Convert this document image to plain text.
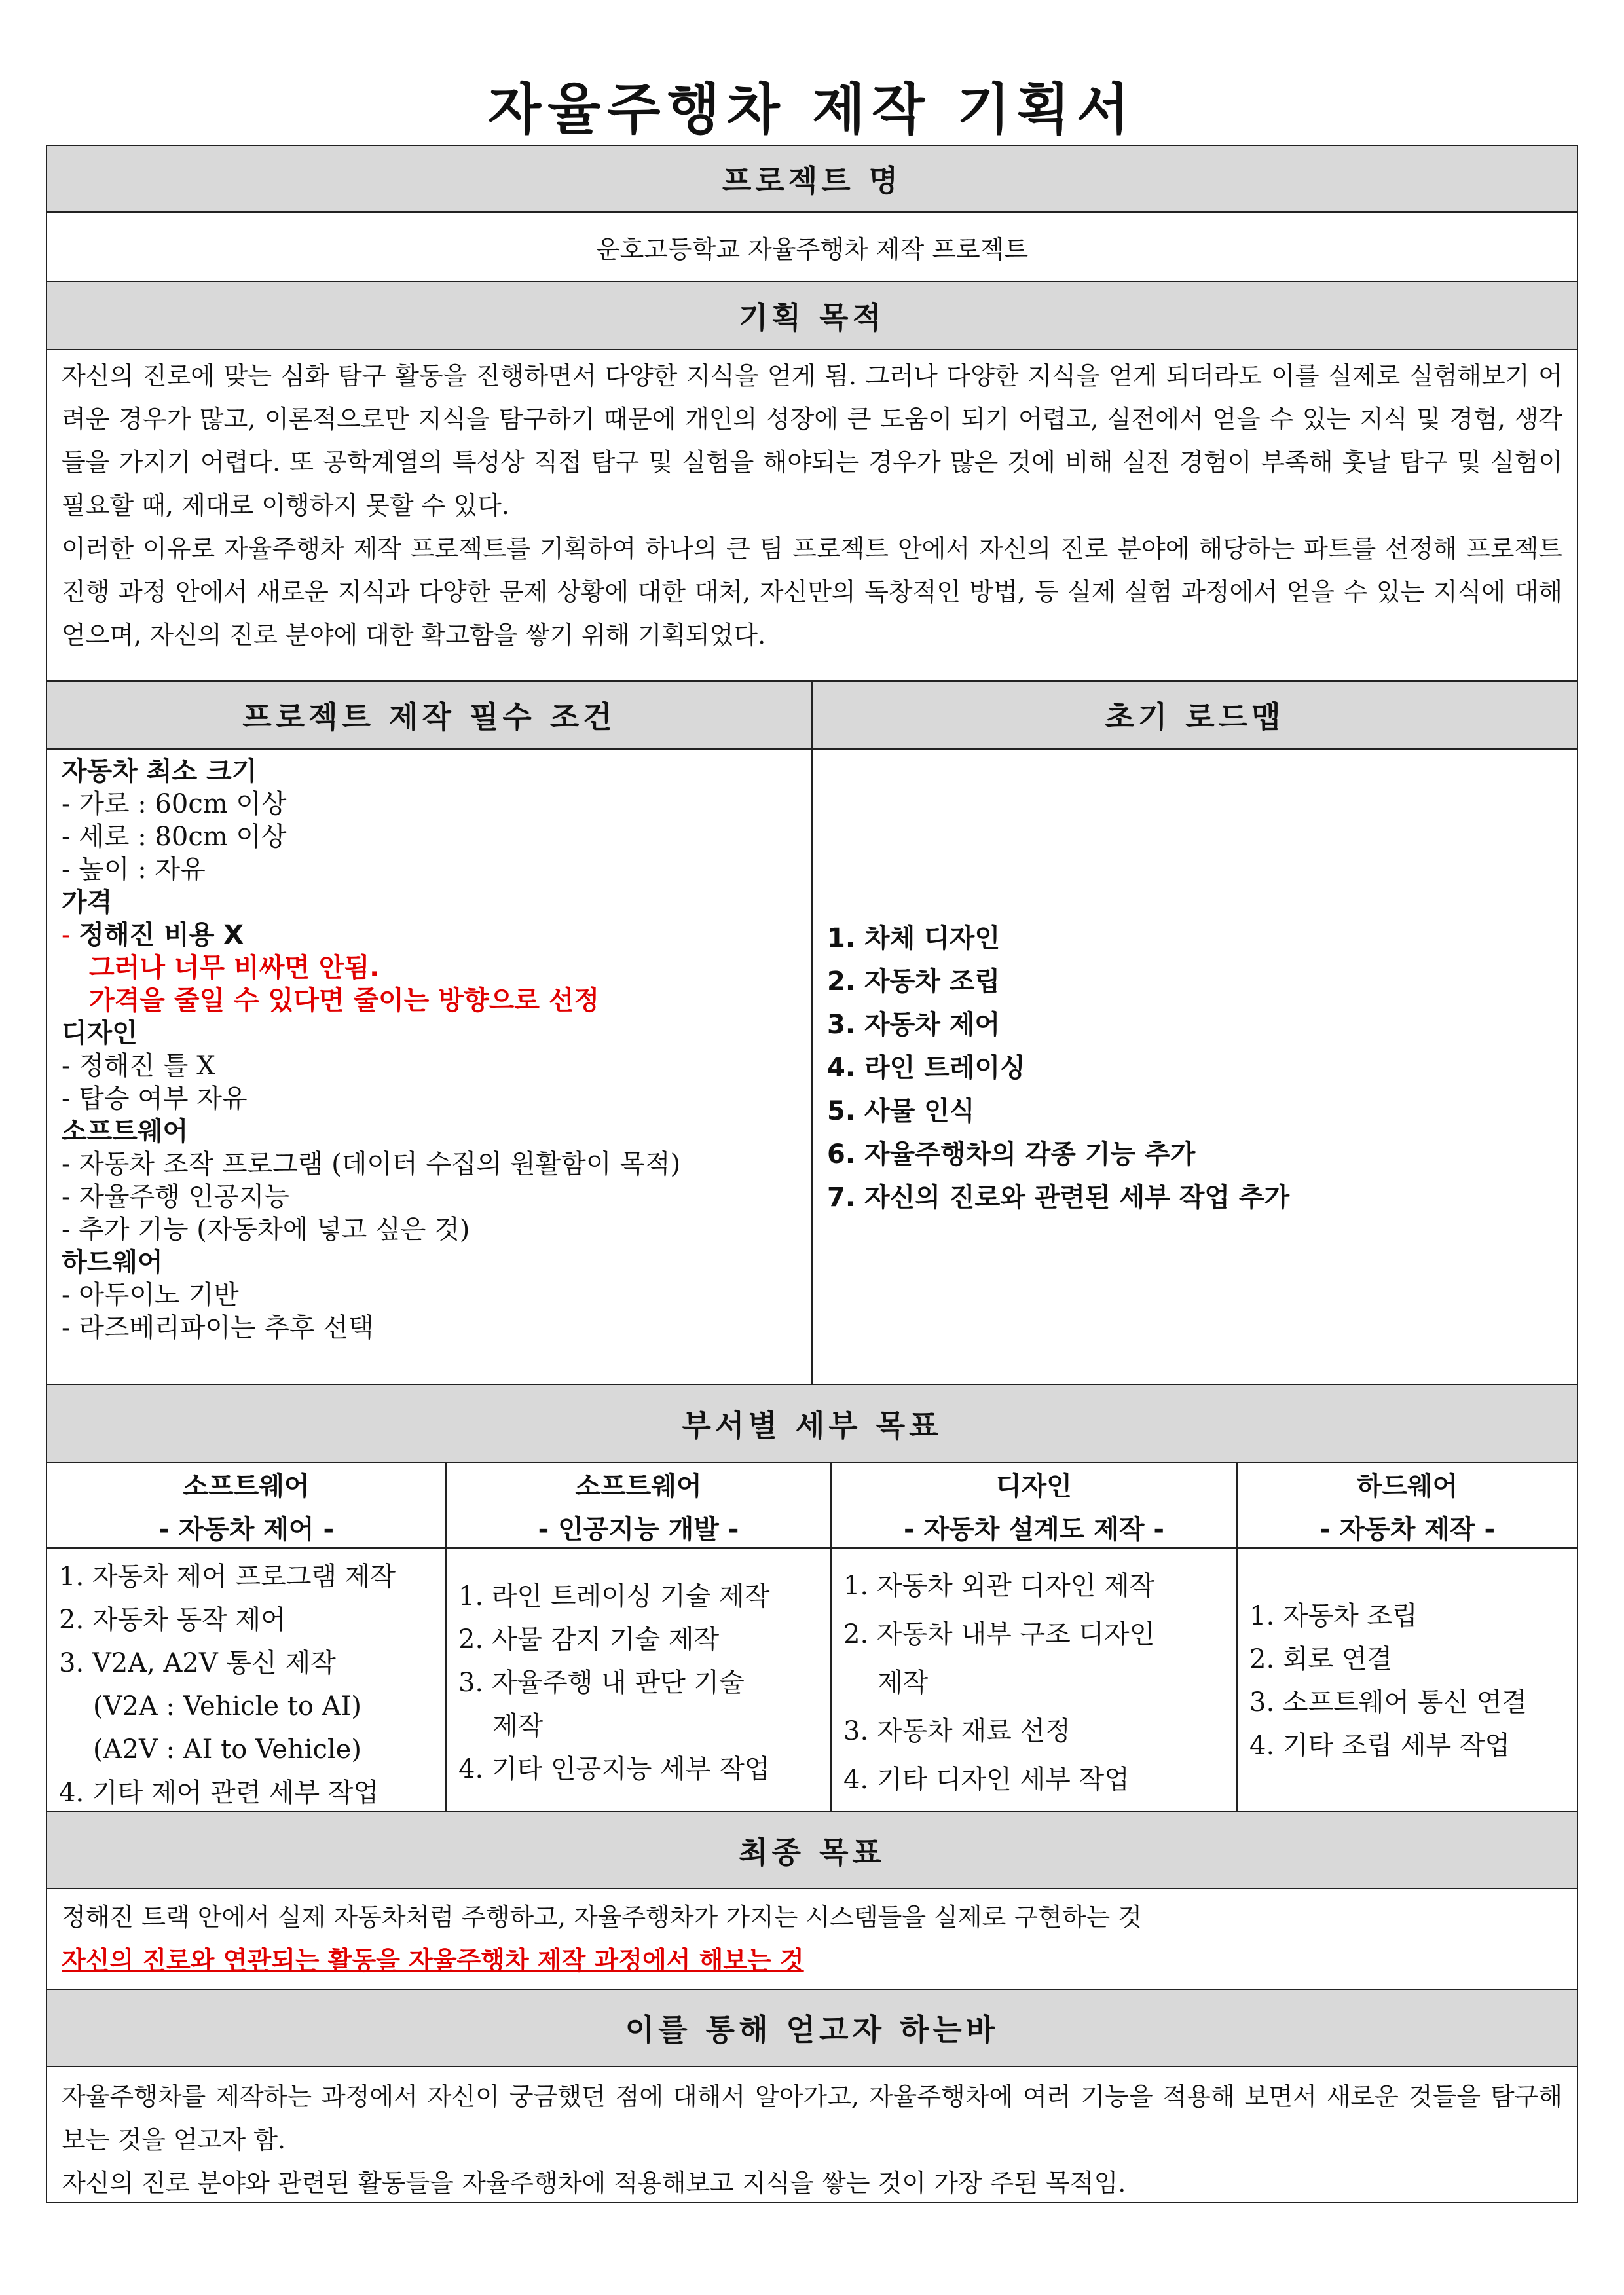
자율주행차 제작 기획서
프로젝트 명
운호고등학교 자율주행차 제작 프로젝트
기획 목적

자신의 진로에 맞는 심화 탐구 활동을 진행하면서 다양한 지식을 얻게 됨. 그러나 다양한 지식을 얻게 되더라도 이를 실제로 실험해보기 어려운 경우가 많고, 이론적으로만 지식을 탐구하기 때문에 개인의 성장에 큰 도움이 되기 어렵고, 실전에서 얻을 수 있는 지식 및 경험, 생각들을 가지기 어렵다. 또 공학계열의 특성상 직접 탐구 및 실험을 해야되는 경우가 많은 것에 비해 실전 경험이 부족해 훗날 탐구 및 실험이 필요할 때, 제대로 이행하지 못할 수 있다.

이러한 이유로 자율주행차 제작 프로젝트를 기획하여 하나의 큰 팀 프로젝트 안에서 자신의 진로 분야에 해당하는 파트를 선정해 프로젝트 진행 과정 안에서 새로운 지식과 다양한 문제 상황에 대한 대처, 자신만의 독창적인 방법, 등 실제 실험 과정에서 얻을 수 있는 지식에 대해 얻으며, 자신의 진로 분야에 대한 확고함을 쌓기 위해 기획되었다.

프로젝트 제작 필수 조건
자동차 최소 크기
- 가로 : 60cm 이상
- 세로 : 80cm 이상
- 높이 : 자유
가격
- 정해진 비용 X
그러나 너무 비싸면 안됨.
가격을 줄일 수 있다면 줄이는 방향으로 선정
디자인
- 정해진 틀 X
- 탑승 여부 자유
소프트웨어
- 자동차 조작 프로그램 (데이터 수집의 원활함이 목적)
- 자율주행 인공지능
- 추가 기능 (자동차에 넣고 싶은 것)
하드웨어
- 아두이노 기반
- 라즈베리파이는 추후 선택
초기 로드맵
1. 차체 디자인
2. 자동차 조립
3. 자동차 제어
4. 라인 트레이싱
5. 사물 인식
6. 자율주행차의 각종 기능 추가
7. 자신의 진로와 관련된 세부 작업 추가
부서별 세부 목표
소프트웨어
- 자동차 제어 -
소프트웨어
- 인공지능 개발 -
디자인
- 자동차 설계도 제작 -
하드웨어
- 자동차 제작 -
1. 자동차 제어 프로그램 제작
2. 자동차 동작 제어
3. V2A, A2V 통신 제작
(V2A : Vehicle to AI)
(A2V : AI to Vehicle)
4. 기타 제어 관련 세부 작업
1. 라인 트레이싱 기술 제작
2. 사물 감지 기술 제작
3. 자율주행 내 판단 기술
제작
4. 기타 인공지능 세부 작업
1. 자동차 외관 디자인 제작
2. 자동차 내부 구조 디자인
제작
3. 자동차 재료 선정
4. 기타 디자인 세부 작업
1. 자동차 조립
2. 회로 연결
3. 소프트웨어 통신 연결
4. 기타 조립 세부 작업
최종 목표
정해진 트랙 안에서 실제 자동차처럼 주행하고, 자율주행차가 가지는 시스템들을 실제로 구현하는 것
자신의 진로와 연관되는 활동을 자율주행차 제작 과정에서 해보는 것
이를 통해 얻고자 하는바

자율주행차를 제작하는 과정에서 자신이 궁금했던 점에 대해서 알아가고, 자율주행차에 여러 기능을 적용해 보면서 새로운 것들을 탐구해 보는 것을 얻고자 함.

자신의 진로 분야와 관련된 활동들을 자율주행차에 적용해보고 지식을 쌓는 것이 가장 주된 목적임.
